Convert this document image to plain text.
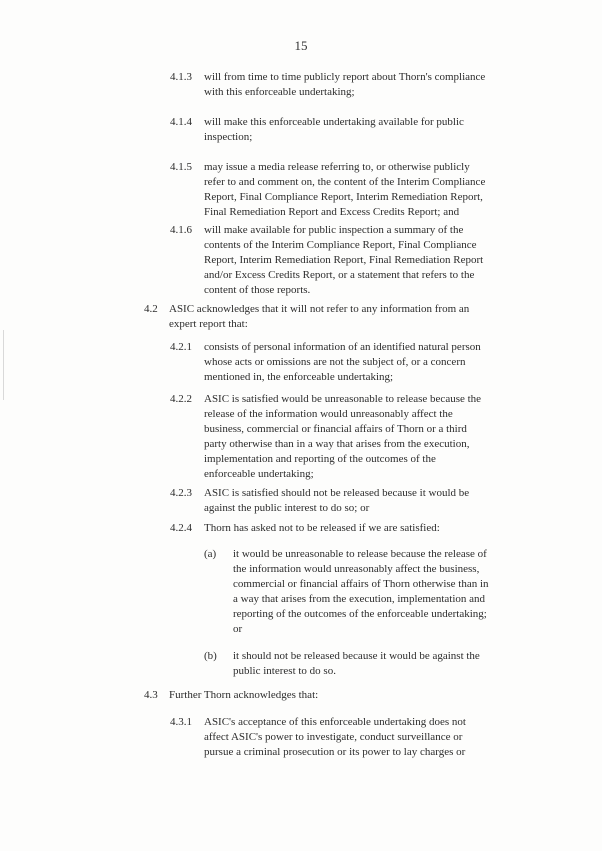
15
4.1.3 will from time to time publicly report about Thorn's compliance
with this enforceable undertaking;
4.1.4 will make this enforceable undertaking available for public
inspection;
4.1.5 may issue a media release referring to, or otherwise publicly
refer to and comment on, the content of the Interim Compliance
Report, Final Compliance Report, Interim Remediation Report,
Final Remediation Report and Excess Credits Report; and
4.1.6 will make available for public inspection a summary of the
contents of the Interim Compliance Report, Final Compliance
Report, Interim Remediation Report, Final Remediation Report
and/or Excess Credits Report, or a statement that refers to the
content of those reports.
4.2 ASIC acknowledges that it will not refer to any information from an
expert report that:
4.2.1 consists of personal information of an identified natural person
whose acts or omissions are not the subject of, or a concern
mentioned in, the enforceable undertaking;
4.2.2 ASIC is satisfied would be unreasonable to release because the
release of the information would unreasonably affect the
business, commercial or financial affairs of Thorn or a third
party otherwise than in a way that arises from the execution,
implementation and reporting of the outcomes of the
enforceable undertaking;
4.2.3 ASIC is satisfied should not be released because it would be
against the public interest to do so; or
4.2.4 Thorn has asked not to be released if we are satisfied:
(a) it would be unreasonable to release because the release of
the information would unreasonably affect the business,
commercial or financial affairs of Thorn otherwise than in
a way that arises from the execution, implementation and
reporting of the outcomes of the enforceable undertaking;
or
(b) it should not be released because it would be against the
public interest to do so.
4.3 Further Thorn acknowledges that:
4.3.1 ASIC's acceptance of this enforceable undertaking does not
affect ASIC's power to investigate, conduct surveillance or
pursue a criminal prosecution or its power to lay charges or
